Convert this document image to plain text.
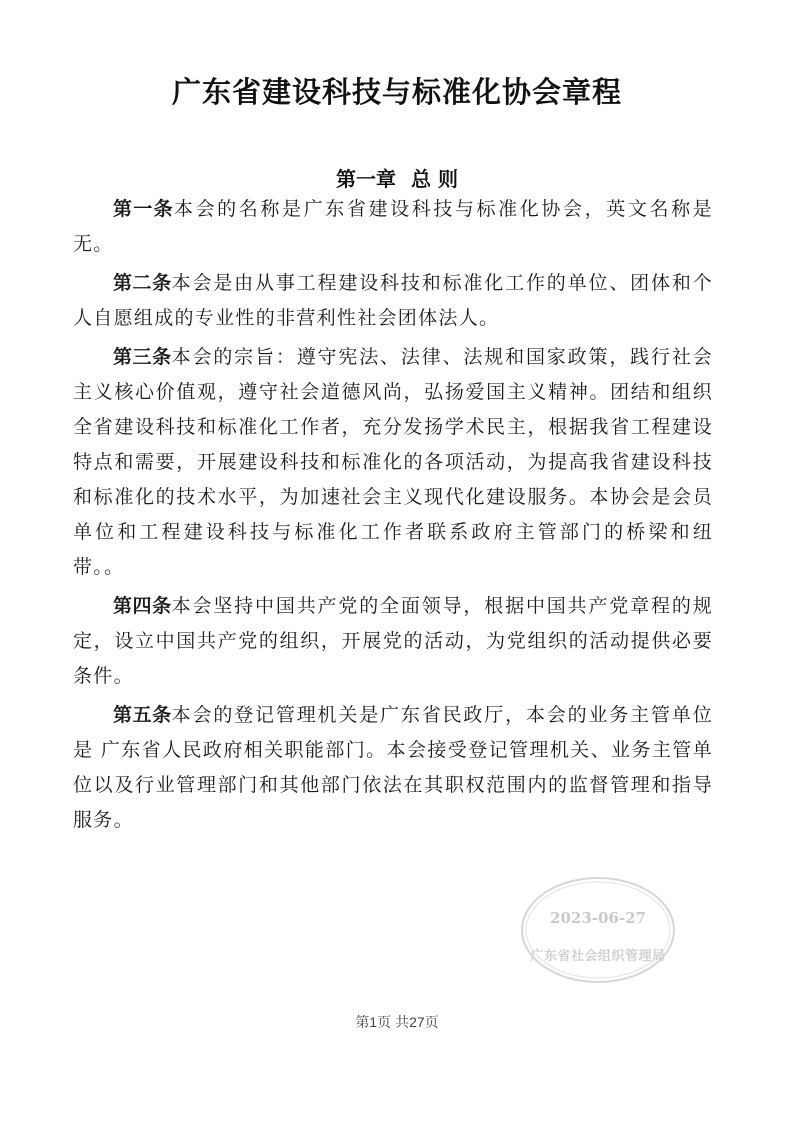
广东省建设科技与标准化协会章程
第一章 总 则

第一条本会的名称是广东省建设科技与标准化协会，英文名称是无。

第二条本会是由从事工程建设科技和标准化工作的单位、团体和个人自愿组成的专业性的非营利性社会团体法人。

第三条本会的宗旨：遵守宪法、法律、法规和国家政策，践行社会主义核心价值观，遵守社会道德风尚，弘扬爱国主义精神。团结和组织全省建设科技和标准化工作者，充分发扬学术民主，根据我省工程建设特点和需要，开展建设科技和标准化的各项活动，为提高我省建设科技和标准化的技术水平，为加速社会主义现代化建设服务。本协会是会员单位和工程建设科技与标准化工作者联系政府主管部门的桥梁和纽带。。

第四条本会坚持中国共产党的全面领导，根据中国共产党章程的规定，设立中国共产党的组织，开展党的活动，为党组织的活动提供必要条件。

第五条本会的登记管理机关是广东省民政厅，本会的业务主管单位是 广东省人民政府相关职能部门。本会接受登记管理机关、业务主管单位以及行业管理部门和其他部门依法在其职权范围内的监督管理和指导服务。

2023-06-27
广东省社会组织管理局
第1页 共27页
